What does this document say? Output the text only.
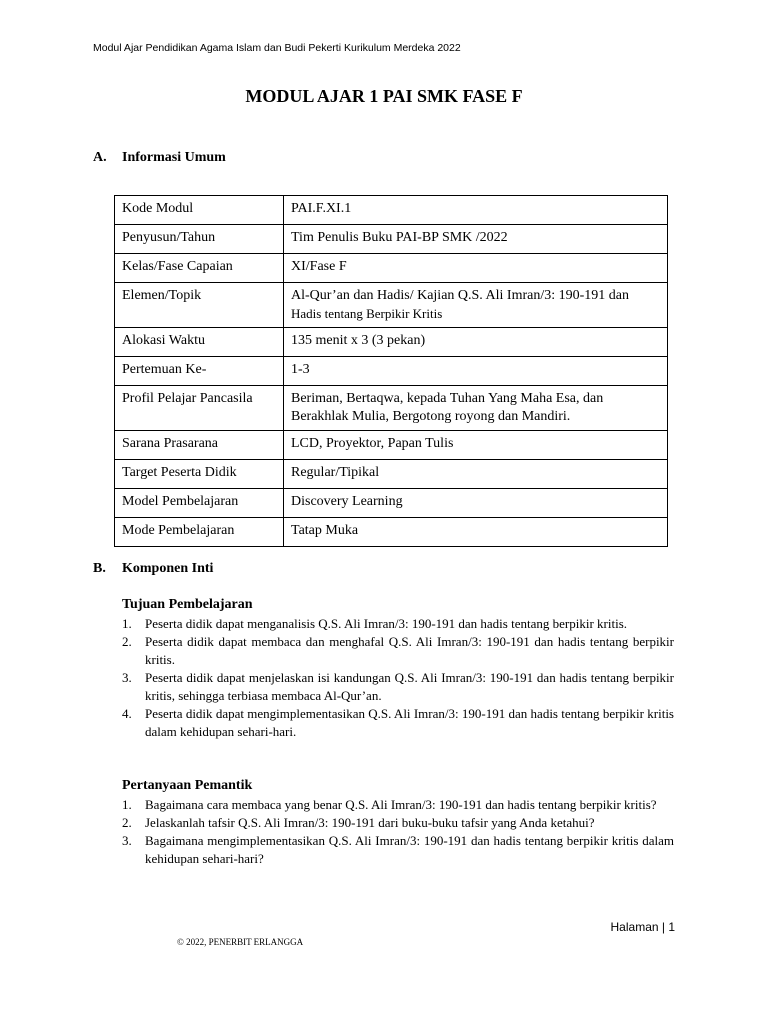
Modul Ajar Pendidikan Agama Islam dan Budi Pekerti Kurikulum Merdeka 2022
MODUL AJAR 1 PAI SMK FASE F
A. Informasi Umum
Kode Modul	PAI.F.XI.1
Penyusun/Tahun	Tim Penulis Buku PAI-BP SMK /2022
Kelas/Fase Capaian	XI/Fase F
Elemen/Topik	Al-Qur’an dan Hadis/ Kajian Q.S. Ali Imran/3: 190-191 dan
Hadis tentang Berpikir Kritis

Alokasi Waktu	135 menit x 3 (3 pekan)
Pertemuan Ke-	1-3
Profil Pelajar Pancasila	Beriman, Bertaqwa, kepada Tuhan Yang Maha Esa, dan Berakhlak Mulia, Bergotong royong dan Mandiri.
Sarana Prasarana	LCD, Proyektor, Papan Tulis
Target Peserta Didik	Regular/Tipikal
Model Pembelajaran	Discovery Learning
Mode Pembelajaran	Tatap Muka
B. Komponen Inti
Tujuan Pembelajaran
1. Peserta didik dapat menganalisis Q.S. Ali Imran/3: 190-191 dan hadis tentang berpikir kritis.
2. Peserta didik dapat membaca dan menghafal Q.S. Ali Imran/3: 190-191 dan hadis tentang berpikir kritis.
3. Peserta didik dapat menjelaskan isi kandungan Q.S. Ali Imran/3: 190-191 dan hadis tentang berpikir kritis, sehingga terbiasa membaca Al-Qur’an.
4. Peserta didik dapat mengimplementasikan Q.S. Ali Imran/3: 190-191 dan hadis tentang berpikir kritis dalam kehidupan sehari-hari.
Pertanyaan Pemantik
1. Bagaimana cara membaca yang benar Q.S. Ali Imran/3: 190-191 dan hadis tentang berpikir kritis?
2. Jelaskanlah tafsir Q.S. Ali Imran/3: 190-191 dari buku-buku tafsir yang Anda ketahui?
3. Bagaimana mengimplementasikan Q.S. Ali Imran/3: 190-191 dan hadis tentang berpikir kritis dalam kehidupan sehari-hari?
Halaman | 1
© 2022, PENERBIT ERLANGGA
